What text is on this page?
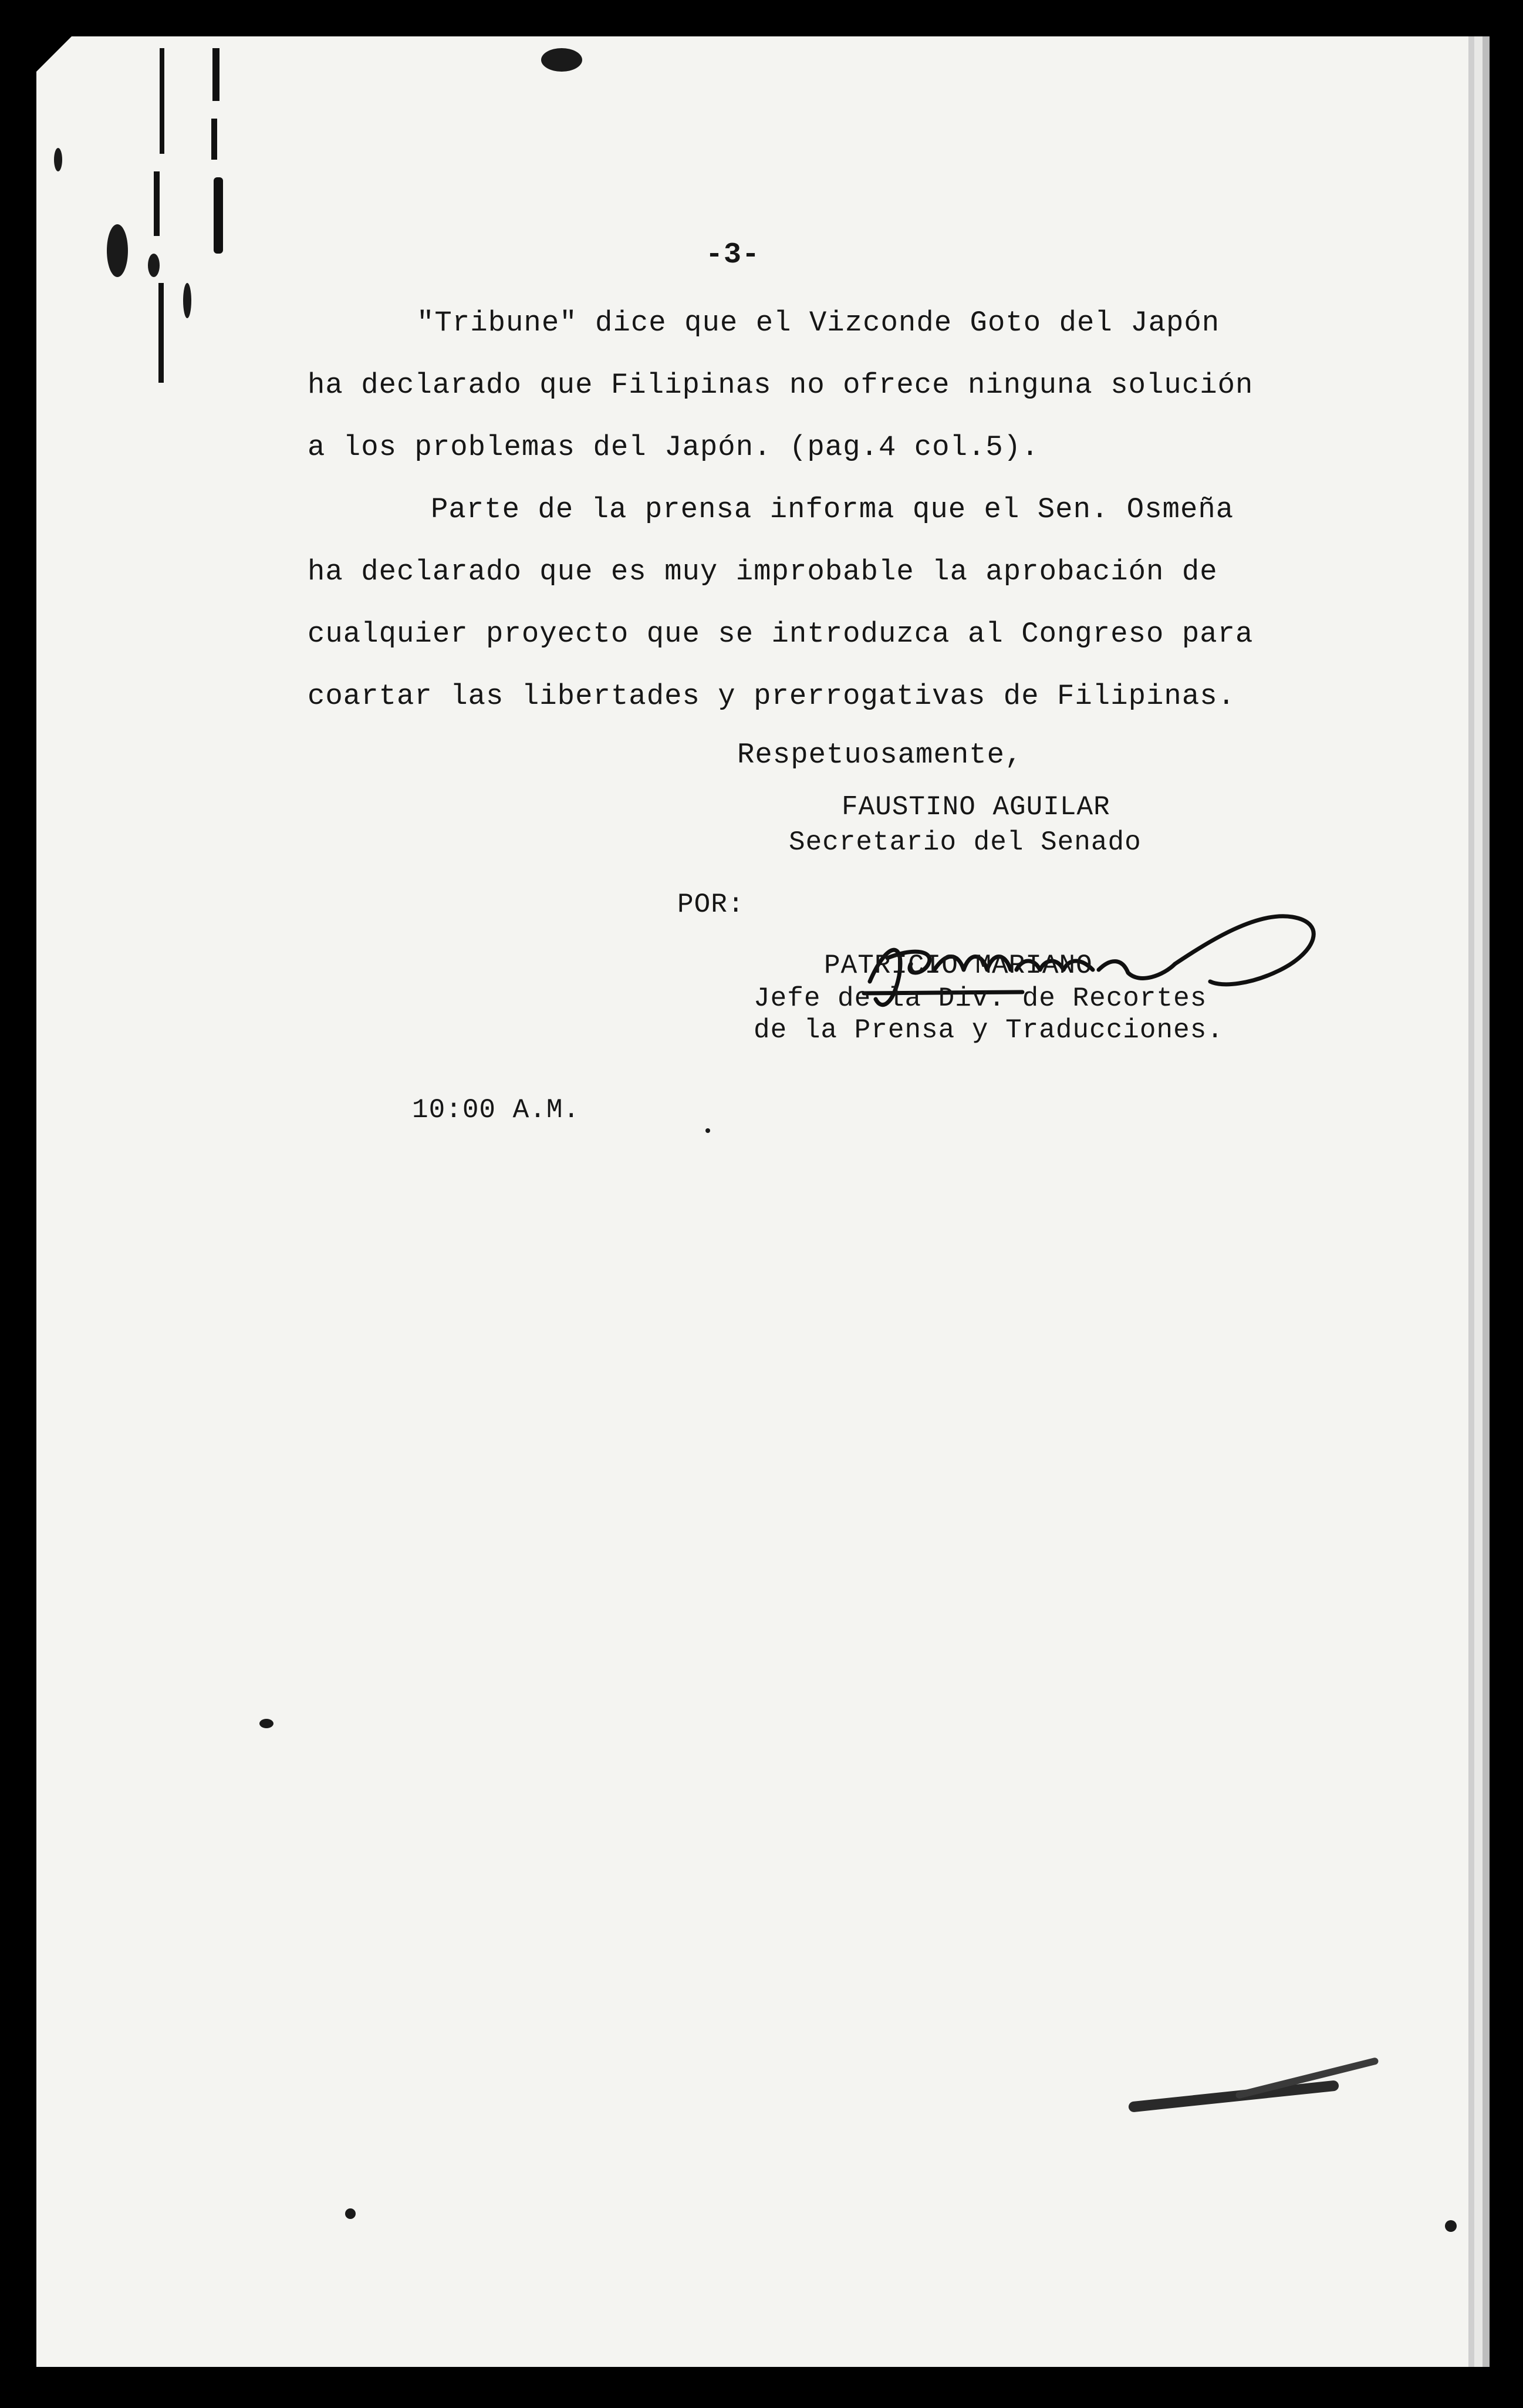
-3-
"Tribune" dice que el Vizconde Goto del Japón
ha declarado que Filipinas no ofrece ninguna solución
a los problemas del Japón. (pag.4 col.5).
Parte de la prensa informa que el Sen. Osmeña
ha declarado que es muy improbable la aprobación de
cualquier proyecto que se introduzca al Congreso para
coartar las libertades y prerrogativas de Filipinas.
Respetuosamente,
FAUSTINO AGUILAR
Secretario del Senado
POR:
PATRICIO MARIANO
Jefe de la Div. de Recortes
de la Prensa y Traducciones.
10:00 A.M.
